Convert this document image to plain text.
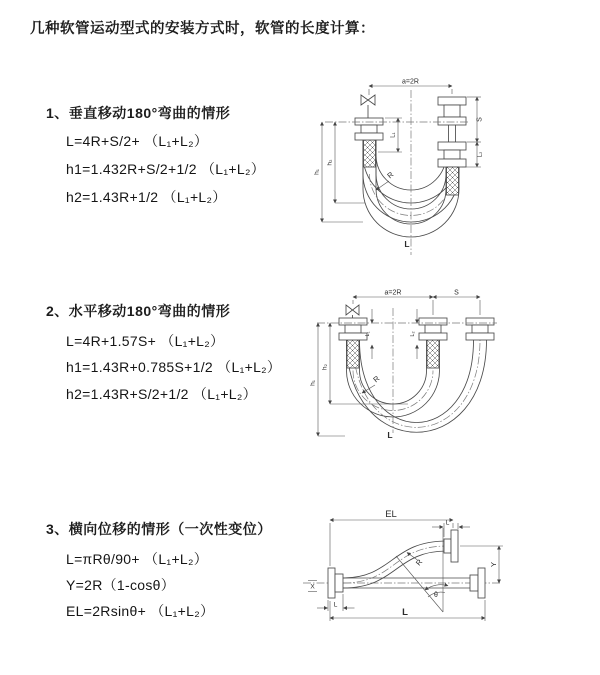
几种软管运动型式的安装方式时，软管的长度计算：
1、垂直移动180°弯曲的情形
L=4R+S/2+ （L₁+L₂）
h1=1.432R+S/2+1/2 （L₁+L₂）
h2=1.43R+1/2 （L₁+L₂）
2、水平移动180°弯曲的情形
L=4R+1.57S+ （L₁+L₂）
h1=1.43R+0.785S+1/2 （L₁+L₂）
h2=1.43R+S/2+1/2 （L₁+L₂）
3、横向位移的情形（一次性变位）
L=πRθ/90+ （L₁+L₂）
Y=2R（1-cosθ）
EL=2Rsinθ+ （L₁+L₂）
a=2R
L₁
S
L₂
h₁
h₂
R
L
a=2R	S
L₁	L₂
h₁
h₂
R
L
X
EL
L
Y
θ
R
L
L
